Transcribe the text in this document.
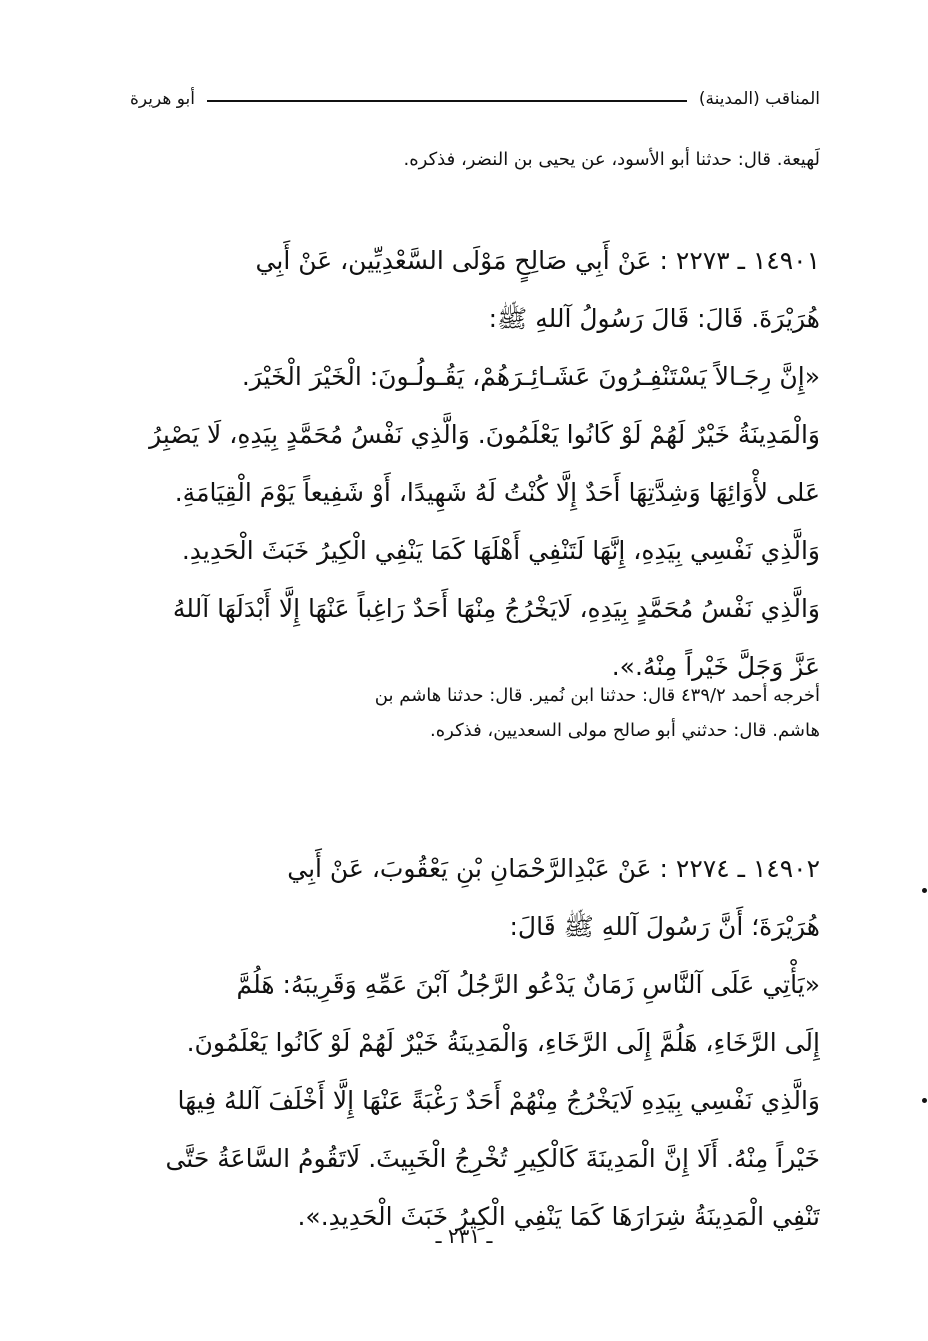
المناقب (المدينة)
أبو هريرة
لَهيعة. قال: حدثنا أبو الأسود، عن يحيى بن النضر، فذكره.
١٤٩٠١ ـ ٢٢٧٣ : عَنْ أَبِي صَالِحٍ مَوْلَى السَّعْدِيِّين، عَنْ أَبِي
هُرَيْرَةَ. قَالَ: قَالَ رَسُولُ آللهِ ﷺ:
«إِنَّ رِجَـالاً يَسْتَنْفِـرُونَ عَشَـائِـرَهُمْ، يَقُـولُـونَ: الْخَيْرَ الْخَيْرَ.
وَالْمَدِينَةُ خَيْرٌ لَهُمْ لَوْ كَانُوا يَعْلَمُونَ. وَالَّذِي نَفْسُ مُحَمَّدٍ بِيَدِهِ، لَا يَصْبِرُ
عَلى لأْوَائِهَا وَشِدَّتِهَا أَحَدٌ إِلَّا كُنْتُ لَهُ شَهِيدًا، أَوْ شَفِيعاً يَوْمَ الْقِيَامَةِ.
وَالَّذِي نَفْسِي بِيَدِهِ، إِنَّهَا لَتَنْفِي أَهْلَهَا كَمَا يَنْفِي الْكِيرُ خَبَثَ الْحَدِيدِ.
وَالَّذِي نَفْسُ مُحَمَّدٍ بِيَدِهِ، لَايَخْرُجُ مِنْهَا أَحَدٌ رَاغِباً عَنْهَا إِلَّا أَبْدَلَهَا آللهُ
عَزَّ وَجَلَّ خَيْراً مِنْهُ.».
أخرجه أحمد ٤٣٩/٢ قال: حدثنا ابن نُمير. قال: حدثنا هاشم بن
هاشم. قال: حدثني أبو صالح مولى السعديين، فذكره.
١٤٩٠٢ ـ ٢٢٧٤ : عَنْ عَبْدِالرَّحْمَانِ بْنِ يَعْقُوبَ، عَنْ أَبِي
هُرَيْرَةَ؛ أَنَّ رَسُولَ آللهِ ﷺ قَالَ:
«يَأْتِي عَلَى آلنَّاسِ زَمَانٌ يَدْعُو الرَّجُلُ آبْنَ عَمِّهِ وَقَرِيبَهُ: هَلُمَّ
إِلَى الرَّخَاءِ، هَلُمَّ إِلَى الرَّخَاءِ، وَالْمَدِينَةُ خَيْرٌ لَهُمْ لَوْ كَانُوا يَعْلَمُونَ.
وَالَّذِي نَفْسِي بِيَدِهِ لَايَخْرُجُ مِنْهُمْ أَحَدٌ رَغْبَةً عَنْهَا إِلَّا أَخْلَفَ آللهُ فِيهَا
خَيْراً مِنْهُ. أَلَا إِنَّ الْمَدِينَةَ كَالْكِيرِ تُخْرِجُ الْخَبِيثَ. لَاتَقُومُ السَّاعَةُ حَتَّى
تَنْفِي الْمَدِينَةُ شِرَارَهَا كَمَا يَنْفِي الْكِيرُ خَبَثَ الْحَدِيدِ.».
ـ ٢٣١ ـ
